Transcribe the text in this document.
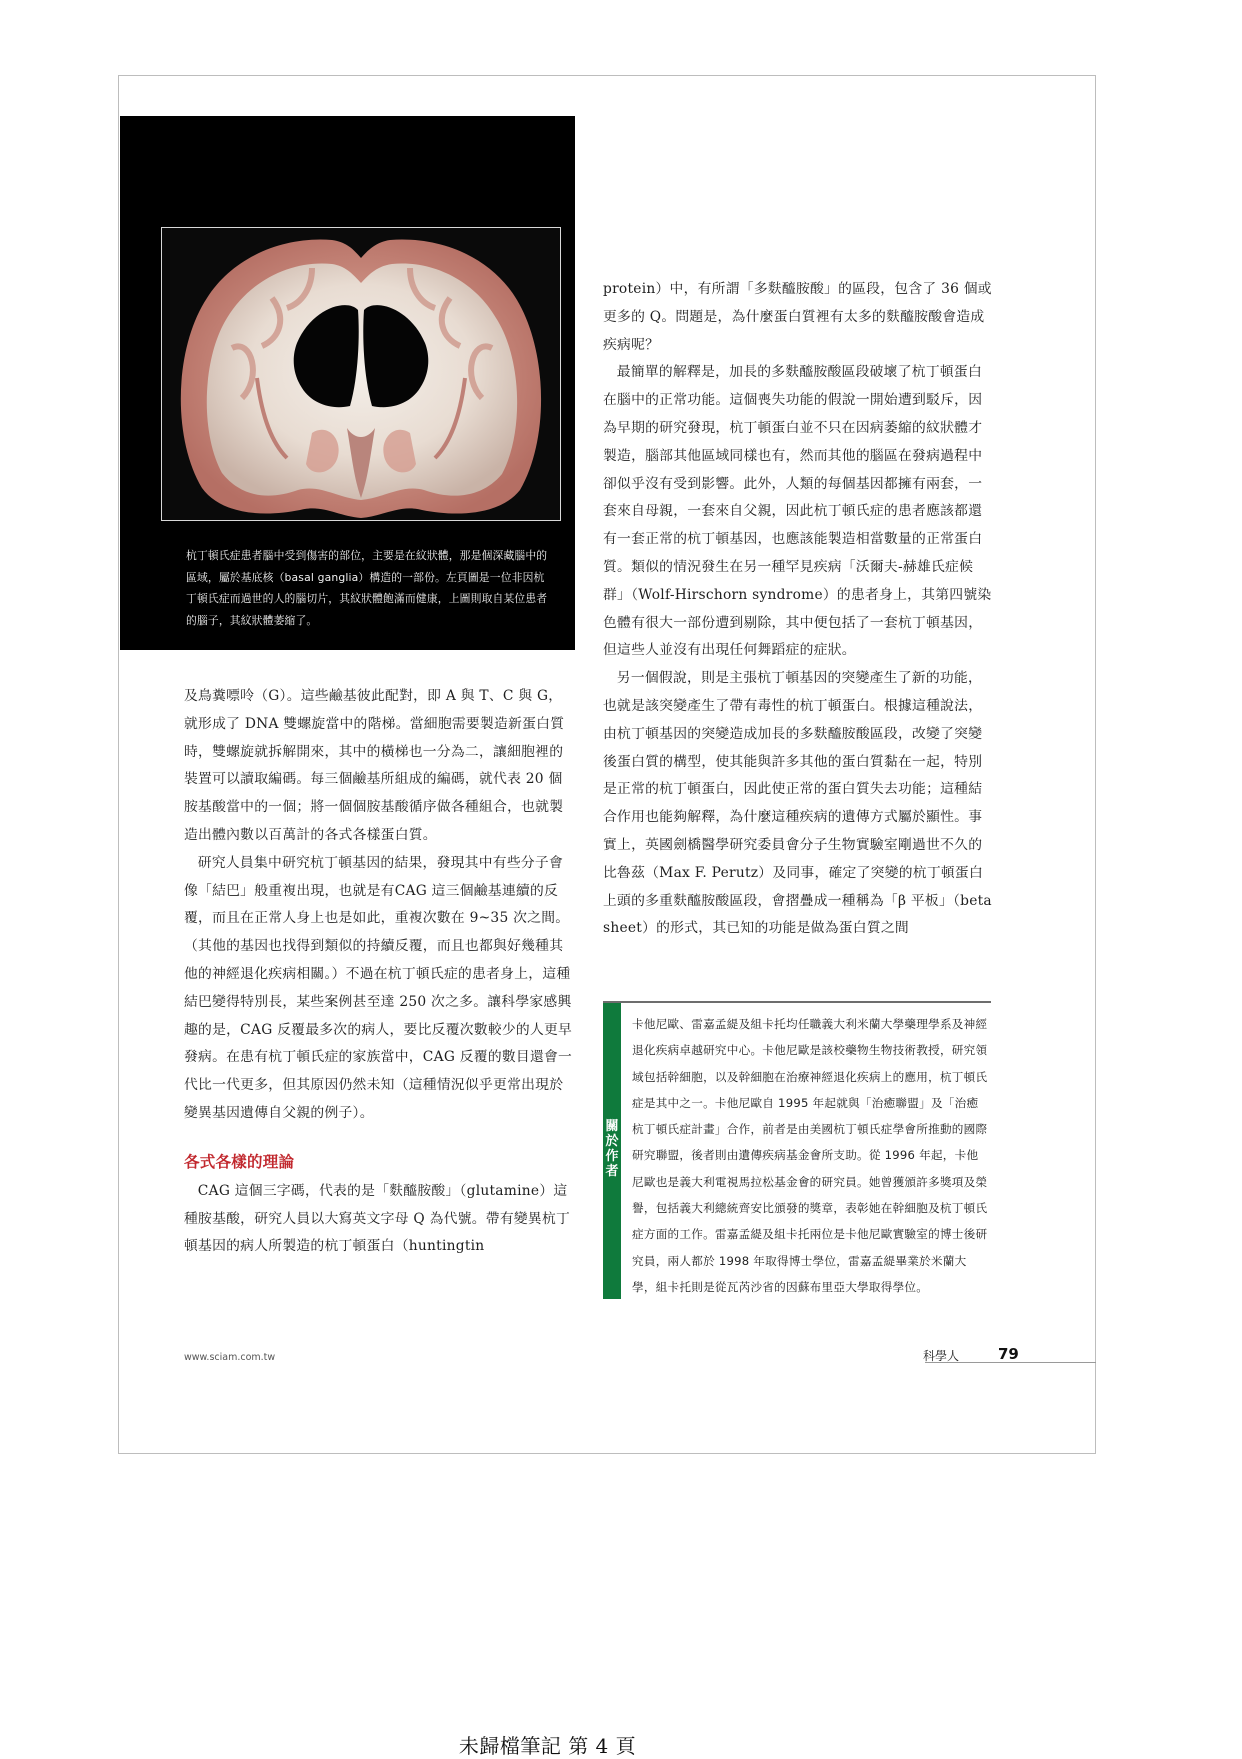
杭丁頓氏症患者腦中受到傷害的部位，主要是在紋狀體，那是個深藏腦中的區域，屬於基底核（basal ganglia）構造的一部份。左頁圖是一位非因杭丁頓氏症而過世的人的腦切片，其紋狀體飽滿而健康，上圖則取自某位患者的腦子，其紋狀體萎縮了。

及鳥糞嘌呤（G）。這些鹼基彼此配對，即 A 與 T、C 與 G，就形成了 DNA 雙螺旋當中的階梯。當細胞需要製造新蛋白質時，雙螺旋就拆解開來，其中的橫梯也一分為二，讓細胞裡的裝置可以讀取編碼。每三個鹼基所組成的編碼，就代表 20 個胺基酸當中的一個；將一個個胺基酸循序做各種組合，也就製造出體內數以百萬計的各式各樣蛋白質。

研究人員集中研究杭丁頓基因的結果，發現其中有些分子會像「結巴」般重複出現，也就是有CAG 這三個鹼基連續的反覆，而且在正常人身上也是如此，重複次數在 9~35 次之間。（其他的基因也找得到類似的持續反覆，而且也都與好幾種其他的神經退化疾病相關。）不過在杭丁頓氏症的患者身上，這種結巴變得特別長，某些案例甚至達 250 次之多。讓科學家感興趣的是，CAG 反覆最多次的病人，要比反覆次數較少的人更早發病。在患有杭丁頓氏症的家族當中，CAG 反覆的數目還會一代比一代更多，但其原因仍然未知（這種情況似乎更常出現於變異基因遺傳自父親的例子）。

各式各樣的理論

CAG 這個三字碼，代表的是「麩醯胺酸」（glutamine）這種胺基酸，研究人員以大寫英文字母 Q 為代號。帶有變異杭丁頓基因的病人所製造的杭丁頓蛋白（huntingtin

protein）中，有所謂「多麩醯胺酸」的區段，包含了 36 個或更多的 Q。問題是，為什麼蛋白質裡有太多的麩醯胺酸會造成疾病呢？

最簡單的解釋是，加長的多麩醯胺酸區段破壞了杭丁頓蛋白在腦中的正常功能。這個喪失功能的假說一開始遭到駁斥，因為早期的研究發現，杭丁頓蛋白並不只在因病萎縮的紋狀體才製造，腦部其他區域同樣也有，然而其他的腦區在發病過程中卻似乎沒有受到影響。此外，人類的每個基因都擁有兩套，一套來自母親，一套來自父親，因此杭丁頓氏症的患者應該都還有一套正常的杭丁頓基因，也應該能製造相當數量的正常蛋白質。類似的情況發生在另一種罕見疾病「沃爾夫-赫雄氏症候群」（Wolf-Hirschorn syndrome）的患者身上，其第四號染色體有很大一部份遭到剔除，其中便包括了一套杭丁頓基因，但這些人並沒有出現任何舞蹈症的症狀。

另一個假說，則是主張杭丁頓基因的突變產生了新的功能，也就是該突變產生了帶有毒性的杭丁頓蛋白。根據這種說法，由杭丁頓基因的突變造成加長的多麩醯胺酸區段，改變了突變後蛋白質的構型，使其能與許多其他的蛋白質黏在一起，特別是正常的杭丁頓蛋白，因此使正常的蛋白質失去功能；這種結合作用也能夠解釋，為什麼這種疾病的遺傳方式屬於顯性。事實上，英國劍橋醫學研究委員會分子生物實驗室剛過世不久的比魯茲（Max F. Perutz）及同事，確定了突變的杭丁頓蛋白上頭的多重麩醯胺酸區段，會摺疊成一種稱為「β 平板」（beta sheet）的形式，其已知的功能是做為蛋白質之間

關
於
作
者
卡他尼歐、雷嘉孟緹及組卡托均任職義大利米蘭大學藥理學系及神經退化疾病卓越研究中心。卡他尼歐是該校藥物生物技術教授，研究領域包括幹細胞，以及幹細胞在治療神經退化疾病上的應用，杭丁頓氏症是其中之一。卡他尼歐自 1995 年起就與「治癒聯盟」及「治癒杭丁頓氏症計畫」合作，前者是由美國杭丁頓氏症學會所推動的國際研究聯盟，後者則由遺傳疾病基金會所支助。從 1996 年起，卡他尼歐也是義大利電視馬拉松基金會的研究員。她曾獲頒許多獎項及榮譽，包括義大利總統齊安比頒發的獎章，表彰她在幹細胞及杭丁頓氏症方面的工作。雷嘉孟緹及組卡托兩位是卡他尼歐實驗室的博士後研究員，兩人都於 1998 年取得博士學位，雷嘉孟緹畢業於米蘭大學，組卡托則是從瓦芮沙省的因蘇布里亞大學取得學位。
www.sciam.com.tw	科學人	79
未歸檔筆記 第 4 頁
